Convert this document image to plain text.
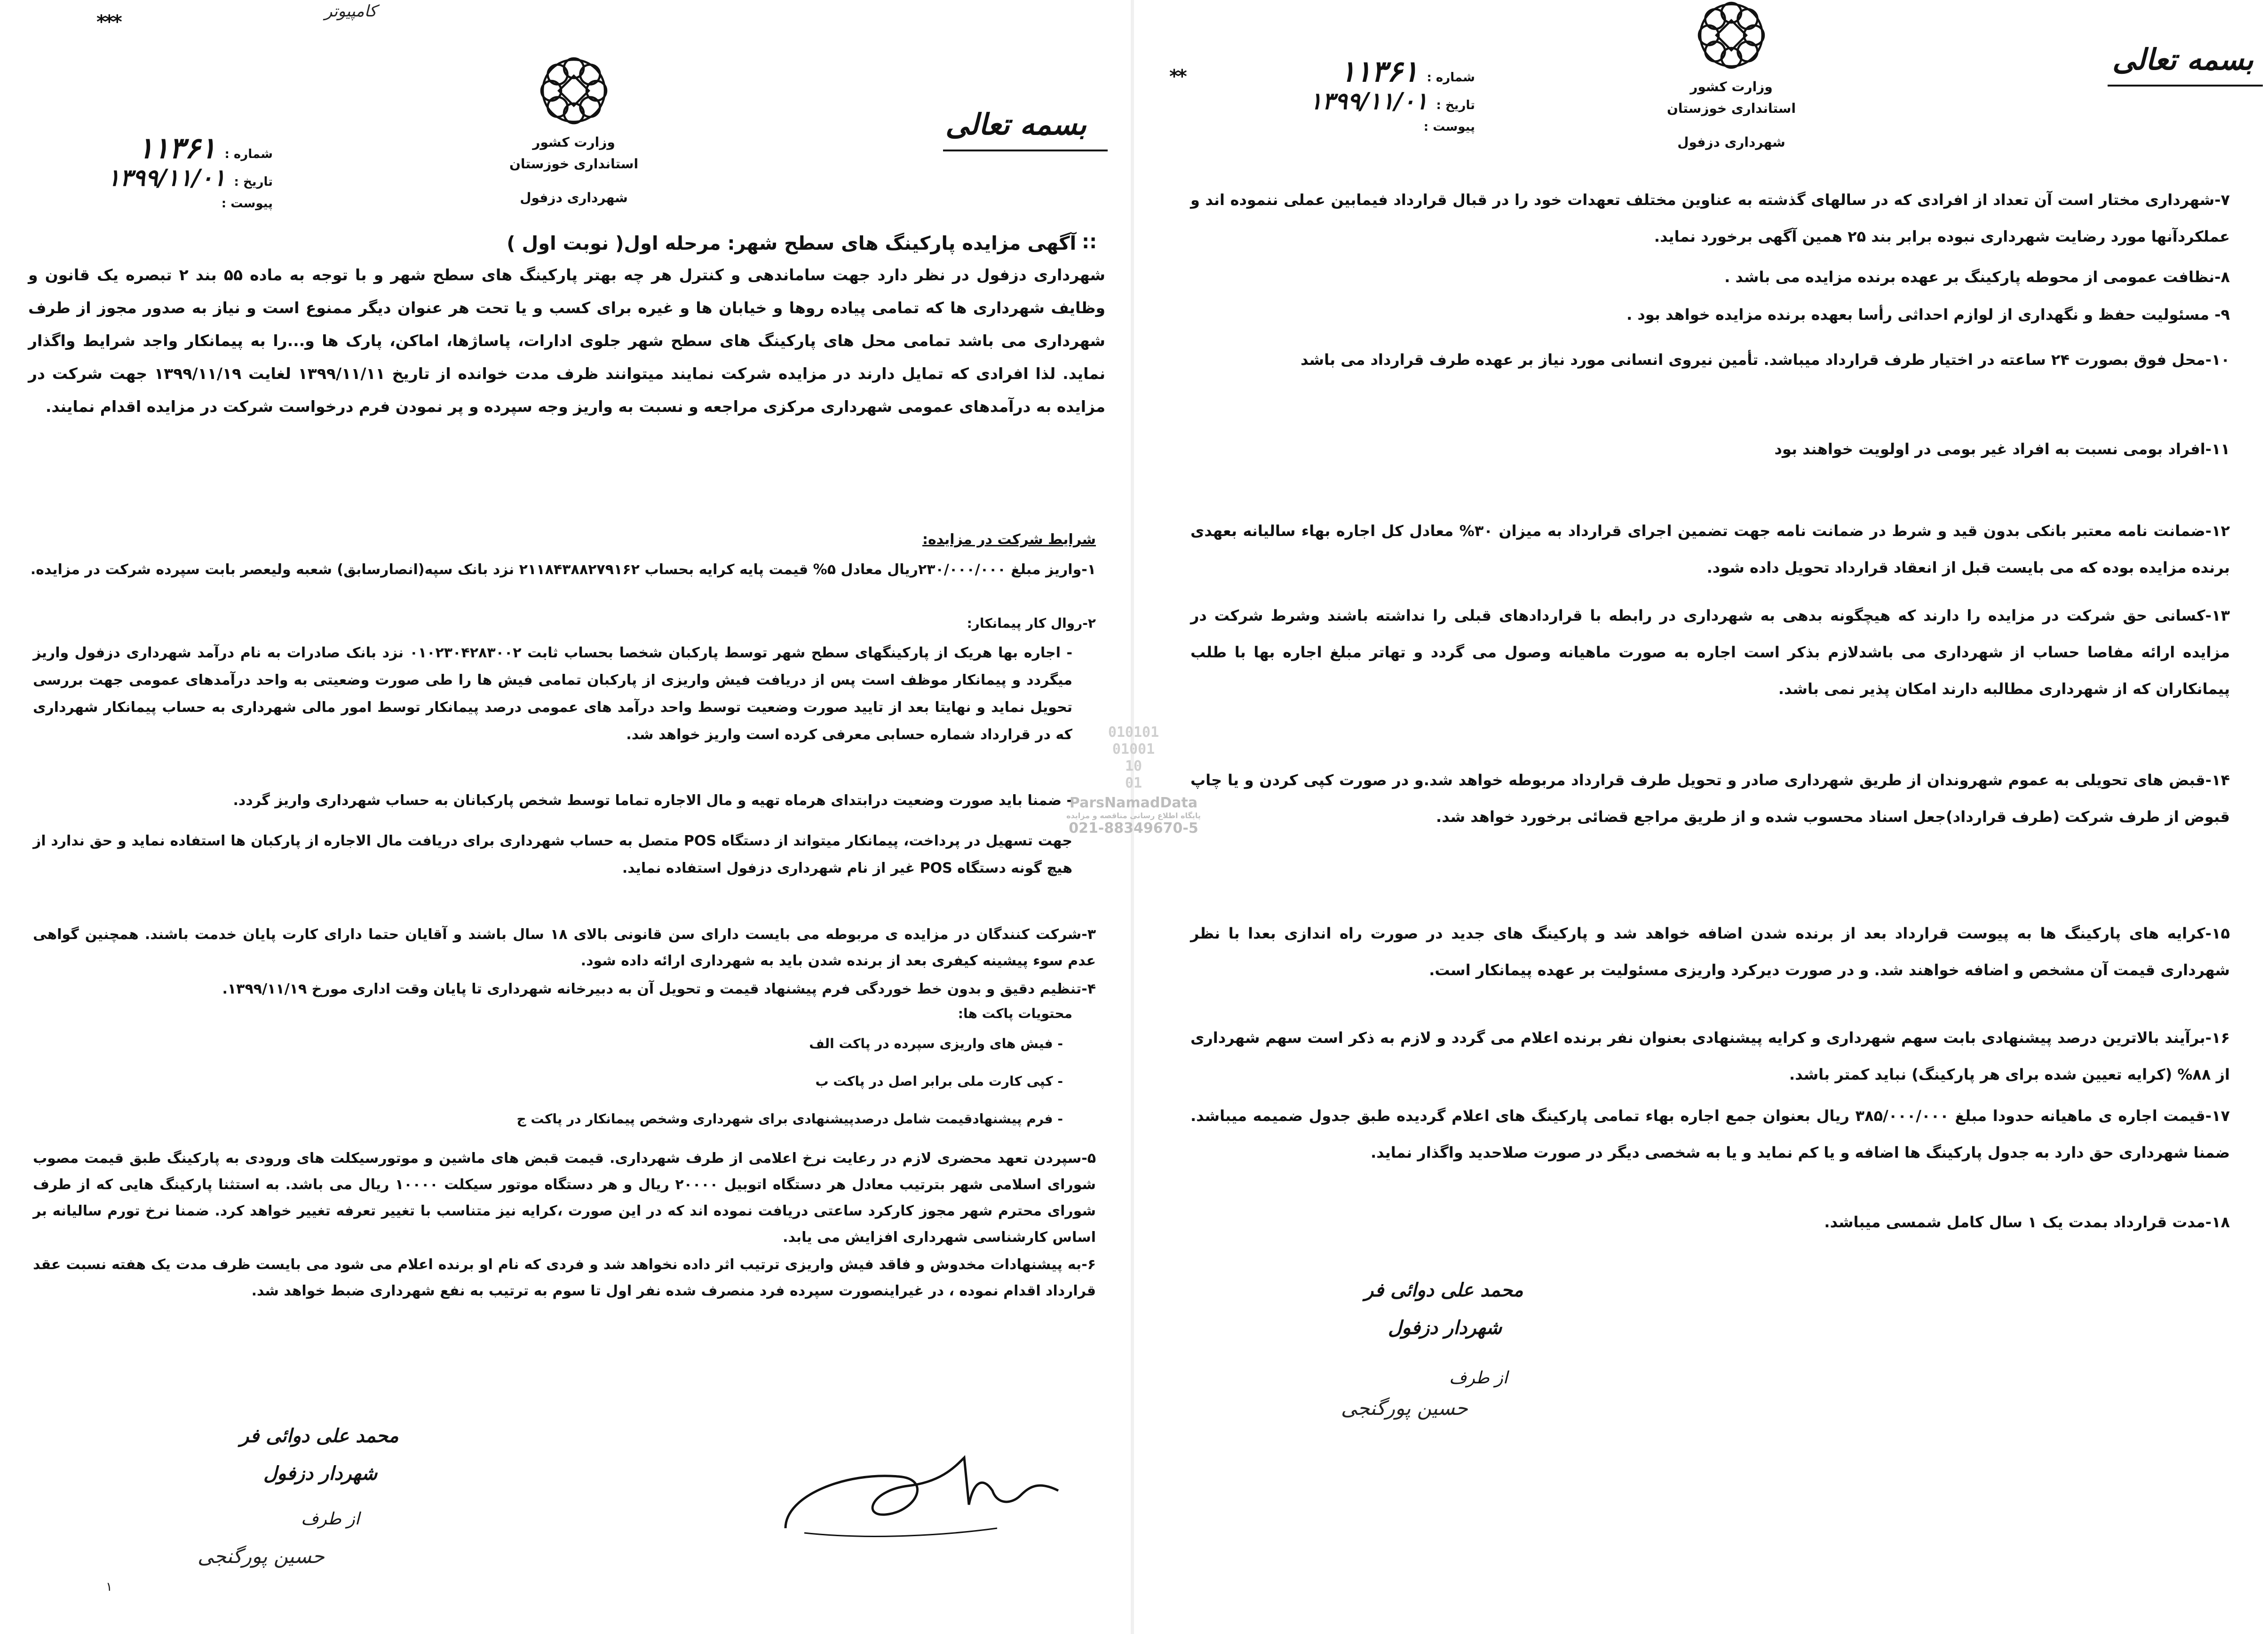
***	کامپیوتر
وزارت کشور
استانداری خوزستان
شهرداری دزفول
شماره :
۱۱۳۶۱
تاریخ :
۱۳۹۹/۱۱/۰۱
پیوست :
بسمه تعالی
∷ آگهی مزایده پارکینگ های سطح شهر: مرحله اول( نوبت اول )
شهرداری دزفول در نظر دارد جهت ساماندهی و کنترل هر چه بهتر پارکینگ های سطح شهر و با توجه به ماده ۵۵ بند ۲ تبصره یک قانون و وظایف شهرداری ها که تمامی پیاده روها و خیابان ها و غیره برای کسب و یا تحت هر عنوان دیگر ممنوع است و نیاز به صدور مجوز از طرف شهرداری می باشد تمامی محل های پارکینگ های سطح شهر جلوی ادارات، پاساژها، اماکن، پارک ها و...را به پیمانکار واجد شرایط واگذار نماید. لذا افرادی که تمایل دارند در مزایده شرکت نمایند میتوانند ظرف مدت خوانده از تاریخ ۱۳۹۹/۱۱/۱۱ لغایت ۱۳۹۹/۱۱/۱۹ جهت شرکت در مزایده به درآمدهای عمومی شهرداری مرکزی مراجعه و نسبت به واریز وجه سپرده و پر نمودن فرم درخواست شرکت در مزایده اقدام نمایند.
شرایط شرکت در مزایده:
۱-واریز مبلغ ۲۳۰/۰۰۰/۰۰۰ریال معادل ۵% قیمت پایه کرایه بحساب ۲۱۱۸۴۳۸۸۲۷۹۱۶۲ نزد بانک سپه(انصارسابق) شعبه ولیعصر بابت سپرده شرکت در مزایده.
۲-روال کار پیمانکار:
- اجاره بها هریک از پارکینگهای سطح شهر توسط پارکبان شخصا بحساب ثابت ۰۱۰۲۳۰۴۲۸۳۰۰۲ نزد بانک صادرات به نام درآمد شهرداری دزفول واریز میگردد و پیمانکار موظف است پس از دریافت فیش واریزی از پارکبان تمامی فیش ها را طی صورت وضعیتی به واحد درآمدهای عمومی جهت بررسی تحویل نماید و نهایتا بعد از تایید صورت وضعیت توسط واحد درآمد های عمومی درصد پیمانکار توسط امور مالی شهرداری به حساب پیمانکار شهرداری که در قرارداد شماره حسابی معرفی کرده است واریز خواهد شد.
- ضمنا باید صورت وضعیت درابتدای هرماه تهیه و مال الاجاره تماما توسط شخص پارکبانان به حساب شهرداری واریز گردد.
جهت تسهیل در پرداخت، پیمانکار میتواند از دستگاه POS متصل به حساب شهرداری برای دریافت مال الاجاره از پارکبان ها استفاده نماید و حق ندارد از هیچ گونه دستگاه POS غیر از نام شهرداری دزفول استفاده نماید.
۳-شرکت کنندگان در مزایده ی مربوطه می بایست دارای سن قانونی بالای ۱۸ سال باشند و آقایان حتما دارای کارت پایان خدمت باشند. همچنین گواهی عدم سوء پیشینه کیفری بعد از برنده شدن باید به شهرداری ارائه داده شود.
۴-تنظیم دقیق و بدون خط خوردگی فرم پیشنهاد قیمت و تحویل آن به دبیرخانه شهرداری تا پایان وقت اداری مورخ ۱۳۹۹/۱۱/۱۹.
محتویات پاکت ها:
- فیش های واریزی سپرده در پاکت الف
- کپی کارت ملی برابر اصل در پاکت ب
- فرم پیشنهادقیمت شامل درصدپیشنهادی برای شهرداری وشخص پیمانکار در پاکت ج
۵-سپردن تعهد محضری لازم در رعایت نرخ اعلامی از طرف شهرداری. قیمت قبض های ماشین و موتورسیکلت های ورودی به پارکینگ طبق قیمت مصوب شورای اسلامی شهر بترتیب معادل هر دستگاه اتوبیل ۲۰۰۰۰ ریال و هر دستگاه موتور سیکلت ۱۰۰۰۰ ریال می باشد. به استثنا پارکینگ هایی که از طرف شورای محترم شهر مجوز کارکرد ساعتی دریافت نموده اند که در این صورت ،کرایه نیز متناسب با تغییر تعرفه تغییر خواهد کرد. ضمنا نرخ تورم سالیانه بر اساس کارشناسی شهرداری افزایش می یابد.
۶-به پیشنهادات مخدوش و فاقد فیش واریزی ترتیب اثر داده نخواهد شد و فردی که نام او برنده اعلام می شود می بایست ظرف مدت یک هفته نسبت عقد قرارداد اقدام نموده ، در غیراینصورت سپرده فرد منصرف شده نفر اول تا سوم به ترتیب به نفع شهرداری ضبط خواهد شد.
محمد علی دوائی فر
شهردار دزفول
از طرف
حسین پورگنجی
۱
**	وزارت کشور
استانداری خوزستان
شهرداری دزفول
شماره :
۱۱۳۶۱
تاریخ :
۱۳۹۹/۱۱/۰۱
پیوست :
بسمه تعالی
۷-شهرداری مختار است آن تعداد از افرادی که در سالهای گذشته به عناوین مختلف تعهدات خود را در قبال قرارداد فیمابین عملی ننموده اند و عملکردآنها مورد رضایت شهرداری نبوده برابر بند ۲۵ همین آگهی برخورد نماید.
۸-نظافت عمومی از محوطه پارکینگ بر عهده برنده مزایده می باشد .
۹- مسئولیت حفظ و نگهداری از لوازم احداثی رأسا بعهده برنده مزایده خواهد بود .
۱۰-محل فوق بصورت ۲۴ ساعته در اختیار طرف قرارداد میباشد. تأمین نیروی انسانی مورد نیاز بر عهده طرف قرارداد می باشد
۱۱-افراد بومی نسبت به افراد غیر بومی در اولویت خواهند بود
۱۲-ضمانت نامه معتبر بانکی بدون قید و شرط در ضمانت نامه جهت تضمین اجرای قرارداد به میزان ۳۰% معادل کل اجاره بهاء سالیانه بعهدی برنده مزایده بوده که می بایست قبل از انعقاد قرارداد تحویل داده شود.
۱۳-کسانی حق شرکت در مزایده را دارند که هیچگونه بدهی به شهرداری در رابطه با قراردادهای قبلی را نداشته باشند وشرط شرکت در مزایده ارائه مفاصا حساب از شهرداری می باشدلازم بذکر است اجاره به صورت ماهیانه وصول می گردد و تهاتر مبلغ اجاره بها با طلب پیمانکاران که از شهرداری مطالبه دارند امکان پذیر نمی باشد.
۱۴-قبض های تحویلی به عموم شهروندان از طریق شهرداری صادر و تحویل طرف قرارداد مربوطه خواهد شد.و در صورت کپی کردن و یا چاپ قبوض از طرف شرکت (طرف قرارداد)جعل اسناد محسوب شده و از طریق مراجع قضائی برخورد خواهد شد.
۱۵-کرایه های پارکینگ ها به پیوست قرارداد بعد از برنده شدن اضافه خواهد شد و پارکینگ های جدید در صورت راه اندازی بعدا با نظر شهرداری قیمت آن مشخص و اضافه خواهند شد. و در صورت دیرکرد واریزی مسئولیت بر عهده پیمانکار است.
۱۶-برآیند بالاترین درصد پیشنهادی بابت سهم شهرداری و کرایه پیشنهادی بعنوان نفر برنده اعلام می گردد و لازم به ذکر است سهم شهرداری از ۸۸% (کرایه تعیین شده برای هر پارکینگ) نباید کمتر باشد.
۱۷-قیمت اجاره ی ماهیانه حدودا مبلغ ۳۸۵/۰۰۰/۰۰۰ ریال بعنوان جمع اجاره بهاء تمامی پارکینگ های اعلام گردیده طبق جدول ضمیمه میباشد. ضمنا شهرداری حق دارد به جدول پارکینگ ها اضافه و یا کم نماید و یا به شخصی دیگر در صورت صلاحدید واگذار نماید.
۱۸-مدت قرارداد بمدت یک ۱ سال کامل شمسی میباشد.
محمد علی دوائی فر
شهردار دزفول
از طرف
حسین پورگنجی
010101
01001
10
01
ParsNamadData
پایگاه اطلاع رسانی مناقصه و مزایده
021-88349670-5
